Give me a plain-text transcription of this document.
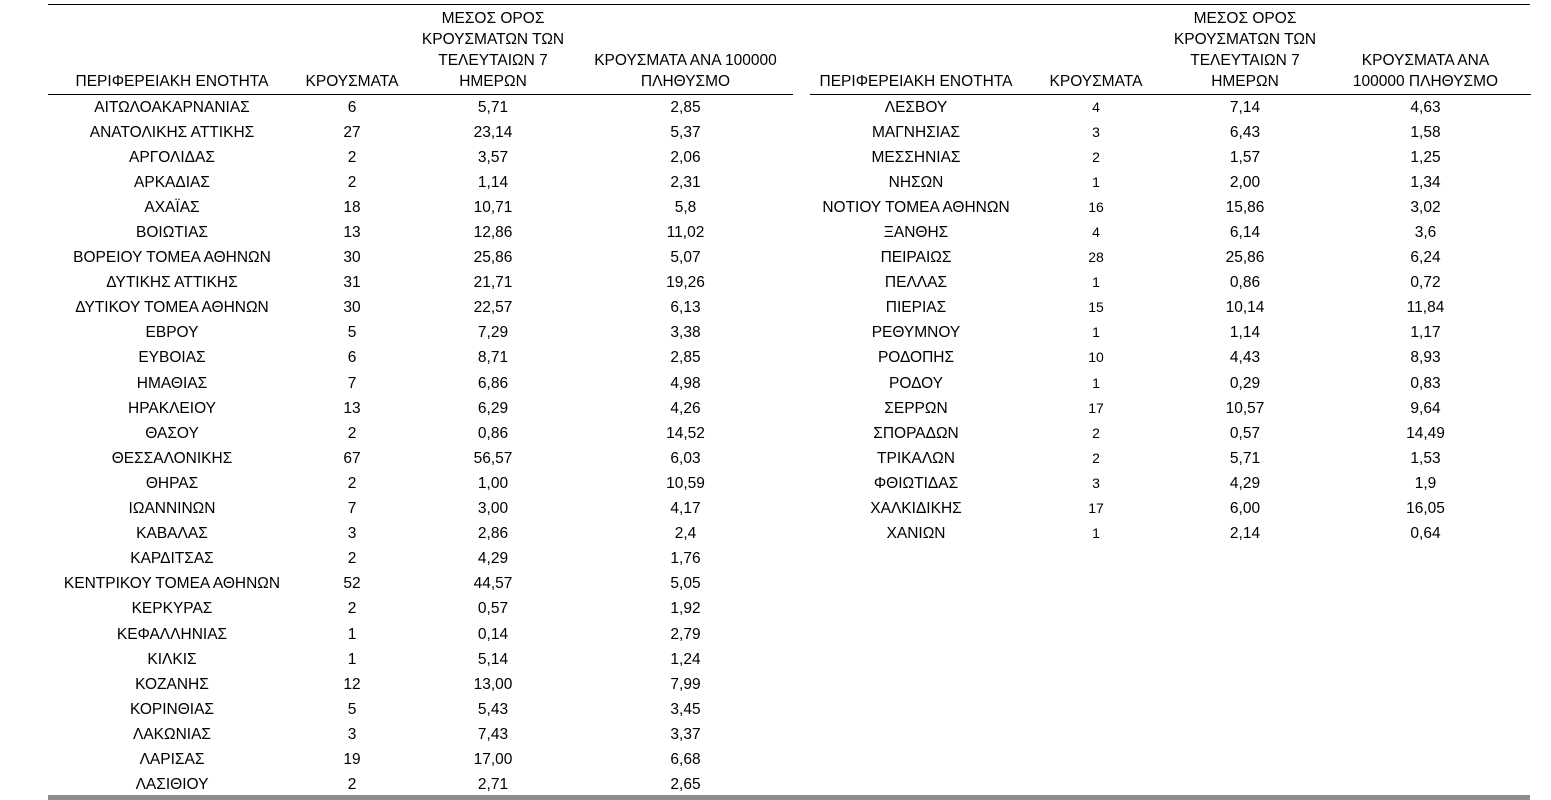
ΠΕΡΙΦΕΡΕΙΑΚΗ ΕΝΟΤΗΤΑ	ΚΡΟΥΣΜΑΤΑ	ΜΕΣΟΣ ΟΡΟΣ
ΚΡΟΥΣΜΑΤΩΝ ΤΩΝ
ΤΕΛΕΥΤΑΙΩΝ 7
ΗΜΕΡΩΝ	ΚΡΟΥΣΜΑΤΑ ΑΝΑ 100000
ΠΛΗΘΥΣΜΟ
ΑΙΤΩΛΟΑΚΑΡΝΑΝΙΑΣ	6	5,71	2,85
ΑΝΑΤΟΛΙΚΗΣ ΑΤΤΙΚΗΣ	27	23,14	5,37
ΑΡΓΟΛΙΔΑΣ	2	3,57	2,06
ΑΡΚΑΔΙΑΣ	2	1,14	2,31
ΑΧΑΪΑΣ	18	10,71	5,8
ΒΟΙΩΤΙΑΣ	13	12,86	11,02
ΒΟΡΕΙΟΥ ΤΟΜΕΑ ΑΘΗΝΩΝ	30	25,86	5,07
ΔΥΤΙΚΗΣ ΑΤΤΙΚΗΣ	31	21,71	19,26
ΔΥΤΙΚΟΥ ΤΟΜΕΑ ΑΘΗΝΩΝ	30	22,57	6,13
ΕΒΡΟΥ	5	7,29	3,38
ΕΥΒΟΙΑΣ	6	8,71	2,85
ΗΜΑΘΙΑΣ	7	6,86	4,98
ΗΡΑΚΛΕΙΟΥ	13	6,29	4,26
ΘΑΣΟΥ	2	0,86	14,52
ΘΕΣΣΑΛΟΝΙΚΗΣ	67	56,57	6,03
ΘΗΡΑΣ	2	1,00	10,59
ΙΩΑΝΝΙΝΩΝ	7	3,00	4,17
ΚΑΒΑΛΑΣ	3	2,86	2,4
ΚΑΡΔΙΤΣΑΣ	2	4,29	1,76
ΚΕΝΤΡΙΚΟΥ ΤΟΜΕΑ ΑΘΗΝΩΝ	52	44,57	5,05
ΚΕΡΚΥΡΑΣ	2	0,57	1,92
ΚΕΦΑΛΛΗΝΙΑΣ	1	0,14	2,79
ΚΙΛΚΙΣ	1	5,14	1,24
ΚΟΖΑΝΗΣ	12	13,00	7,99
ΚΟΡΙΝΘΙΑΣ	5	5,43	3,45
ΛΑΚΩΝΙΑΣ	3	7,43	3,37
ΛΑΡΙΣΑΣ	19	17,00	6,68
ΛΑΣΙΘΙΟΥ	2	2,71	2,65
ΠΕΡΙΦΕΡΕΙΑΚΗ ΕΝΟΤΗΤΑ	ΚΡΟΥΣΜΑΤΑ	ΜΕΣΟΣ ΟΡΟΣ
ΚΡΟΥΣΜΑΤΩΝ ΤΩΝ
ΤΕΛΕΥΤΑΙΩΝ 7
ΗΜΕΡΩΝ	ΚΡΟΥΣΜΑΤΑ ΑΝΑ
100000 ΠΛΗΘΥΣΜΟ
ΛΕΣΒΟΥ	4	7,14	4,63
ΜΑΓΝΗΣΙΑΣ	3	6,43	1,58
ΜΕΣΣΗΝΙΑΣ	2	1,57	1,25
ΝΗΣΩΝ	1	2,00	1,34
ΝΟΤΙΟΥ ΤΟΜΕΑ ΑΘΗΝΩΝ	16	15,86	3,02
ΞΑΝΘΗΣ	4	6,14	3,6
ΠΕΙΡΑΙΩΣ	28	25,86	6,24
ΠΕΛΛΑΣ	1	0,86	0,72
ΠΙΕΡΙΑΣ	15	10,14	11,84
ΡΕΘΥΜΝΟΥ	1	1,14	1,17
ΡΟΔΟΠΗΣ	10	4,43	8,93
ΡΟΔΟΥ	1	0,29	0,83
ΣΕΡΡΩΝ	17	10,57	9,64
ΣΠΟΡΑΔΩΝ	2	0,57	14,49
ΤΡΙΚΑΛΩΝ	2	5,71	1,53
ΦΘΙΩΤΙΔΑΣ	3	4,29	1,9
ΧΑΛΚΙΔΙΚΗΣ	17	6,00	16,05
ΧΑΝΙΩΝ	1	2,14	0,64
